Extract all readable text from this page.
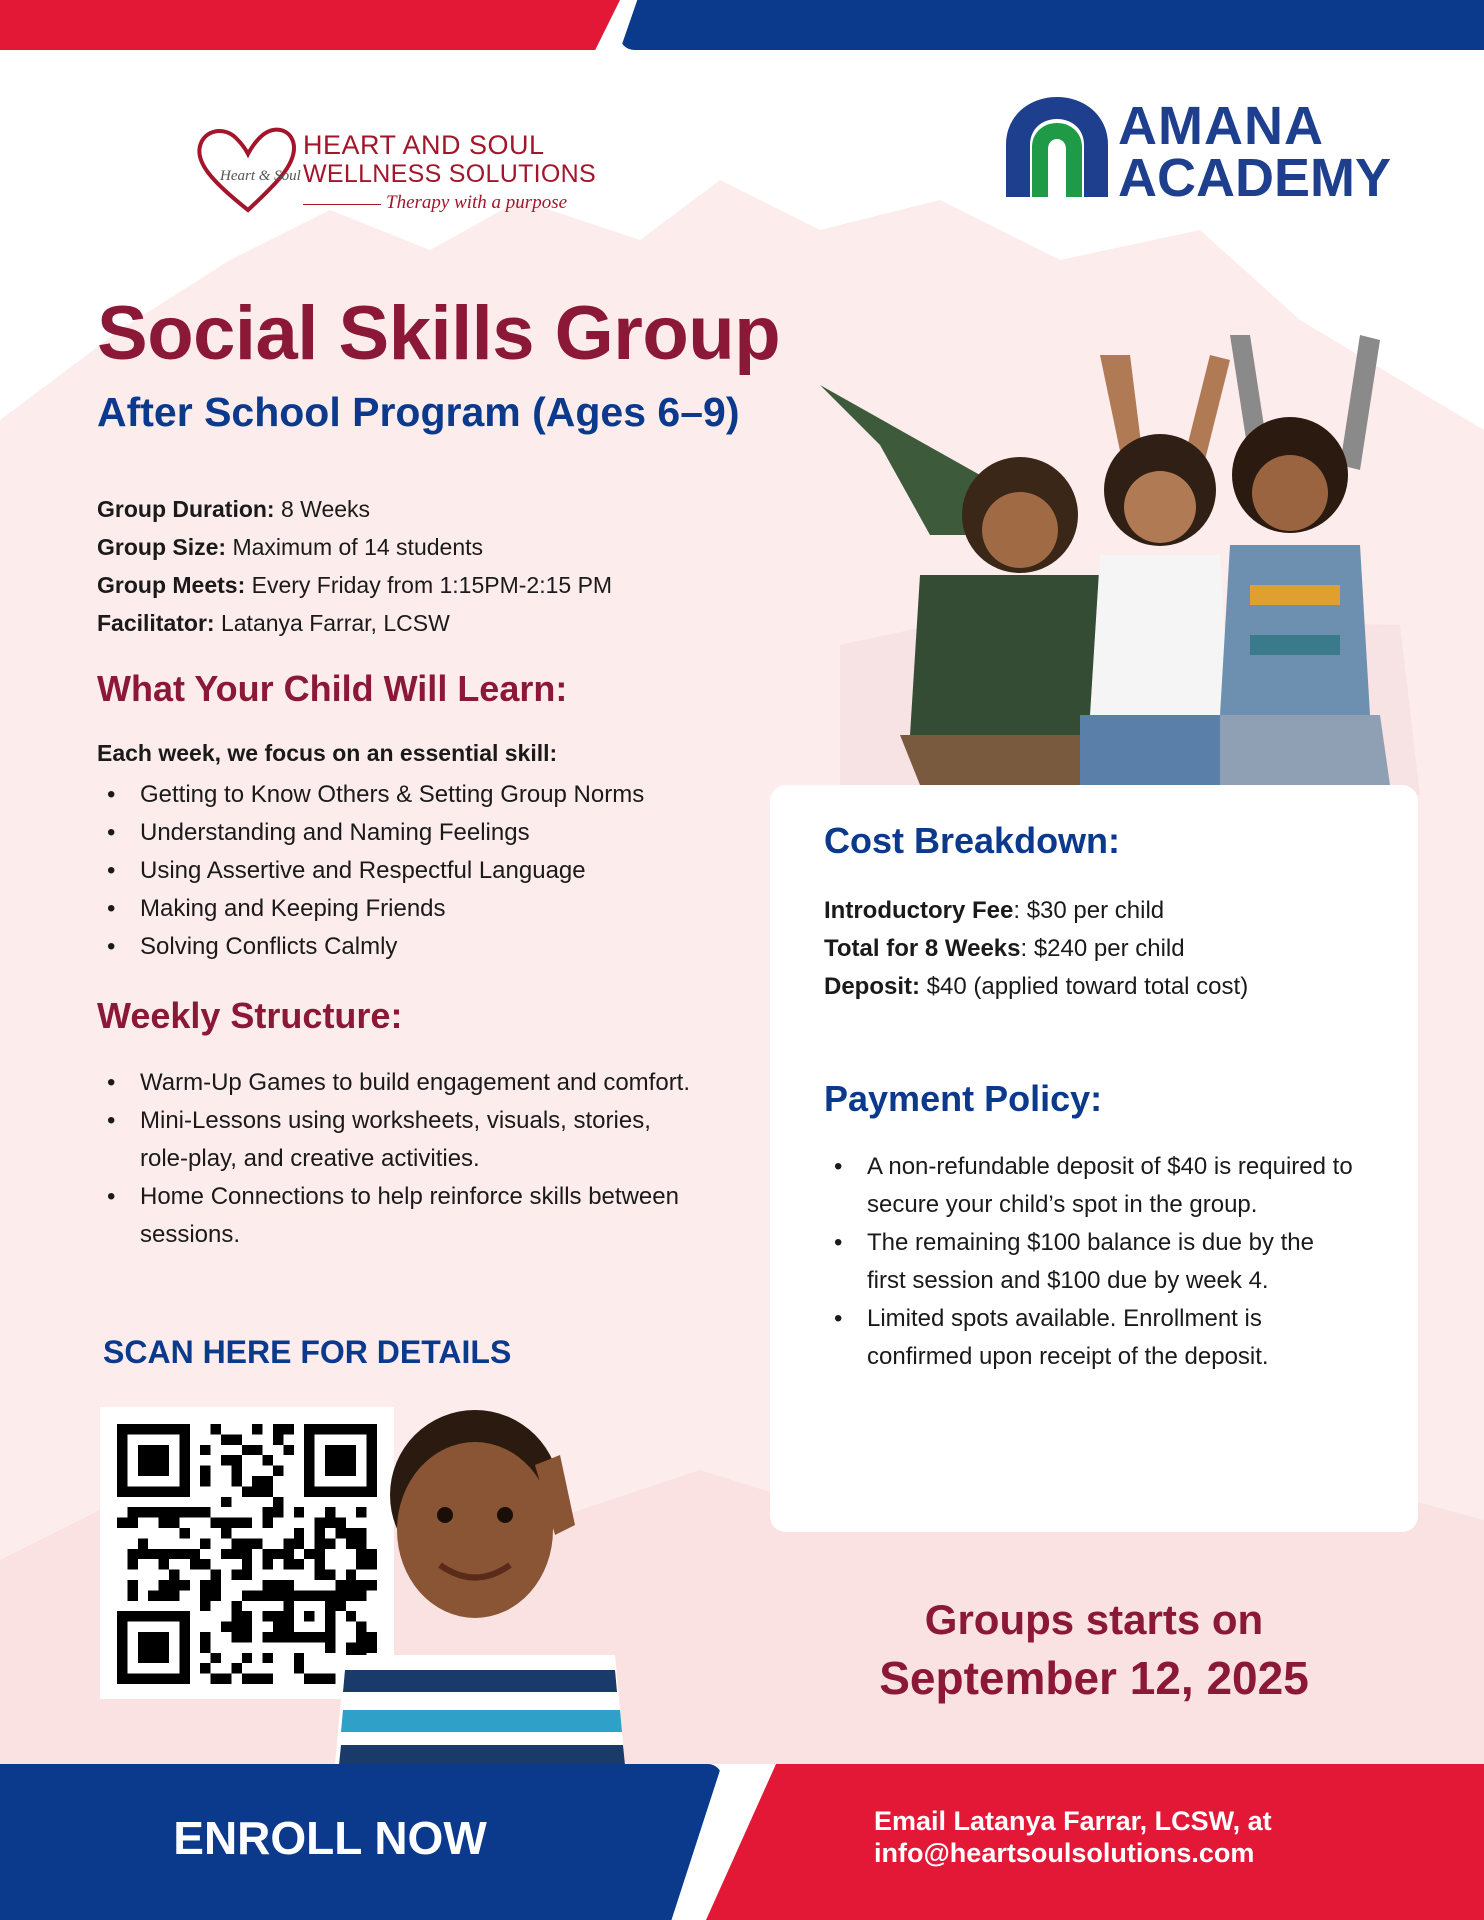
Heart & Soul
HEART AND SOUL
WELLNESS SOLUTIONS
Therapy with a purpose
AMANA
ACADEMY
Social Skills Group
After School Program (Ages 6–9)
Group Duration: 8 Weeks
Group Size: Maximum of 14 students
Group Meets: Every Friday from 1:15PM-2:15 PM
Facilitator: Latanya Farrar, LCSW
What Your Child Will Learn:
Each week, we focus on an essential skill:
• Getting to Know Others & Setting Group Norms
• Understanding and Naming Feelings
• Using Assertive and Respectful Language
• Making and Keeping Friends
• Solving Conflicts Calmly
Weekly Structure:
• Warm-Up Games to build engagement and comfort.
• Mini-Lessons using worksheets, visuals, stories, role-play, and creative activities.
• Home Connections to help reinforce skills between sessions.
SCAN HERE FOR DETAILS
Cost Breakdown:
Introductory Fee: $30 per child
Total for 8 Weeks: $240 per child
Deposit: $40 (applied toward total cost)
Payment Policy:
• A non-refundable deposit of $40 is required to secure your child’s spot in the group.
• The remaining $100 balance is due by the first session and $100 due by week 4.
• Limited spots available. Enrollment is confirmed upon receipt of the deposit.
Groups starts on
September 12, 2025
ENROLL NOW	Email Latanya Farrar, LCSW, at
info@heartsoulsolutions.com
